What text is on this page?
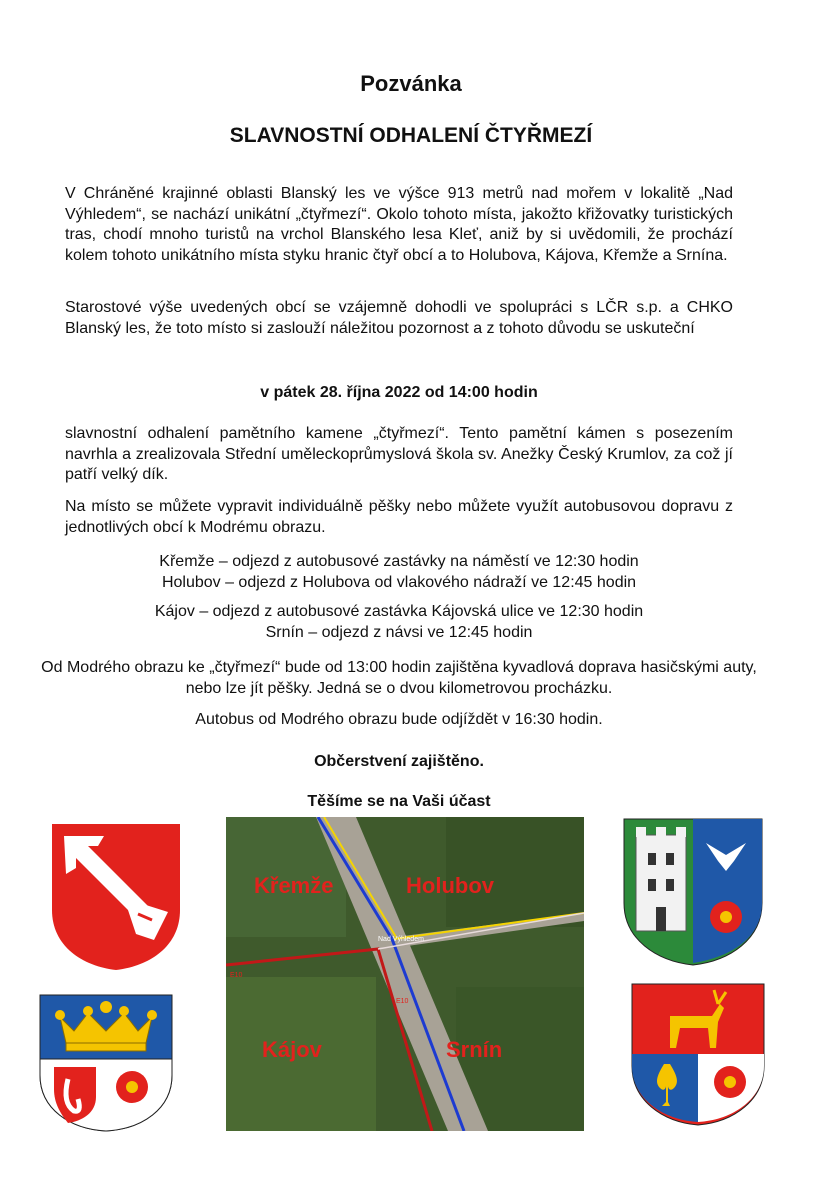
Pozvánka
SLAVNOSTNÍ ODHALENÍ ČTYŘMEZÍ
V Chráněné krajinné oblasti Blanský les ve výšce 913 metrů nad mořem v lokalitě „Nad Výhledem“, se nachází unikátní „čtyřmezí“. Okolo tohoto místa, jakožto křižovatky turistických tras, chodí mnoho turistů na vrchol Blanského lesa Kleť, aniž by si uvědomili, že prochází kolem tohoto unikátního místa styku hranic čtyř obcí a to Holubova, Kájova, Křemže a Srnína.
Starostové výše uvedených obcí se vzájemně dohodli ve spolupráci s LČR s.p. a CHKO Blanský les, že toto místo si zaslouží náležitou pozornost a z tohoto důvodu se uskuteční
v pátek 28. října 2022 od 14:00 hodin
slavnostní odhalení pamětního kamene „čtyřmezí“. Tento pamětní kámen s posezením navrhla a zrealizovala Střední uměleckoprůmyslová škola sv. Anežky Český Krumlov, za což jí patří velký dík.
Na místo se můžete vypravit individuálně pěšky nebo můžete využít autobusovou dopravu z jednotlivých obcí k Modrému obrazu.
Křemže – odjezd z autobusové zastávky na náměstí ve 12:30 hodin
Holubov – odjezd z Holubova od vlakového nádraží ve 12:45 hodin
Kájov – odjezd z autobusové zastávka Kájovská ulice ve 12:30 hodin
Srnín – odjezd z návsi ve 12:45 hodin
Od Modrého obrazu ke „čtyřmezí“ bude od 13:00 hodin zajištěna kyvadlová doprava hasičskými auty, nebo lze jít pěšky. Jedná se o dvou kilometrovou procházku.
Autobus od Modrého obrazu bude odjíždět v 16:30 hodin.
Občerstvení zajištěno.
Těšíme se na Vaši účast
Křemže	Holubov
Kájov	Srnín
Nad Výhledem
E10
E10
